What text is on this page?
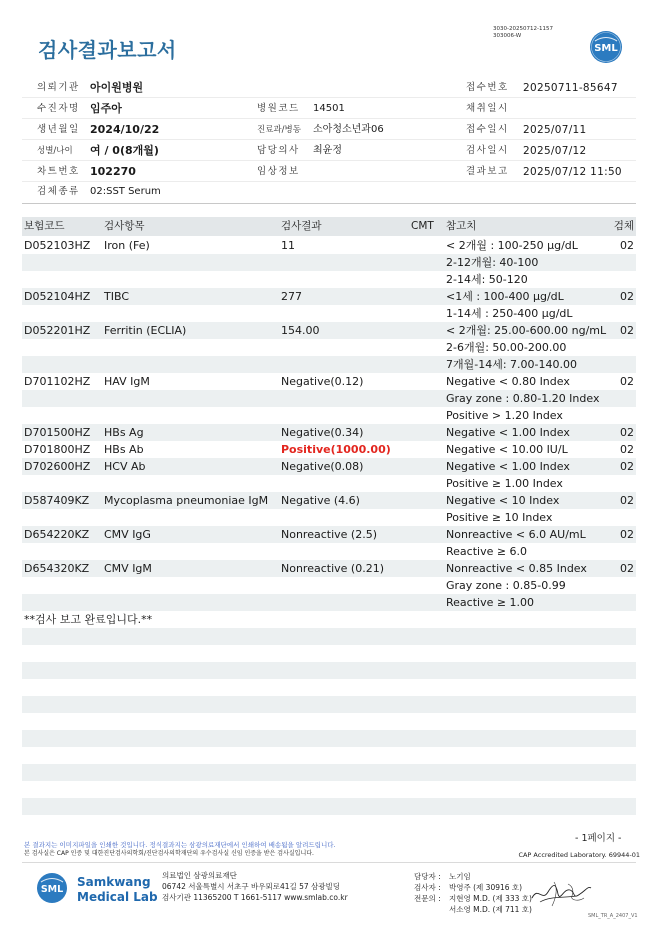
3030-20250712-1157
303006-W
SML
검사결과보고서
의뢰기관 아이원병원	접수번호 20250711-85647
수진자명 임주아	병원코드 14501	채취일시
생년월일 2024/10/22	진료과/병동 소아청소년과06	접수일시 2025/07/11
성별/나이 여 / 0(8개월)	담당의사 최윤정	검사일시 2025/07/12
차트번호 102270	임상정보	결과보고 2025/07/12 11:50
검체종류 02:SST Serum
보험코드	검사항목	검사결과	CMT 참고치	검체
D052103HZ Iron (Fe)	11	< 2개월 : 100-250 μg/dL	02
2-12개월: 40-100
2-14세: 50-120
D052104HZ TIBC	277	<1세 : 100-400 μg/dL	02
1-14세 : 250-400 μg/dL
D052201HZ Ferritin (ECLIA)	154.00	< 2개월: 25.00-600.00 ng/mL 02
2-6개월: 50.00-200.00
7개월-14세: 7.00-140.00
D701102HZ HAV IgM	Negative(0.12)	Negative < 0.80 Index	02
Gray zone : 0.80-1.20 Index
Positive > 1.20 Index
D701500HZ HBs Ag	Negative(0.34)	Negative < 1.00 Index	02
D701800HZ HBs Ab	Positive(1000.00)	Negative < 10.00 IU/L	02
D702600HZ HCV Ab	Negative(0.08)	Negative < 1.00 Index	02
Positive ≥ 1.00 Index
D587409KZ Mycoplasma pneumoniae IgM Negative (4.6)	Negative < 10 Index	02
Positive ≥ 10 Index
D654220KZ CMV IgG	Nonreactive (2.5)	Nonreactive < 6.0 AU/mL	02
Reactive ≥ 6.0
D654320KZ CMV IgM	Nonreactive (0.21)	Nonreactive < 0.85 Index	02
Gray zone : 0.85-0.99
Reactive ≥ 1.00
**검사 보고 완료입니다.**
본 결과지는 이미지파일을 인쇄한 것입니다. 정식결과지는 삼광의료재단에서 인쇄하여 배송됨을 알려드립니다.
- 1페이지 -
본 검사실은 CAP 인증 및 대한진단검사의학회/진단검사의학재단의 우수검사실 신임 인증을 받은 검사실입니다.	CAP Accredited Laboratory. 69944-01
SML
Samkwang
Medical Lab
의료법인 삼광의료재단
06742 서울특별시 서초구 바우뫼로41길 57 삼광빌딩
검사기관 11365200 T 1661-5117 www.smlab.co.kr
담당자 : 노기임
검사자 : 박영주 (제 30916 호)
전문의 : 지현영 M.D. (제 333 호)
서소영 M.D. (제 711 호)
SML_TR_A_2407_V1
